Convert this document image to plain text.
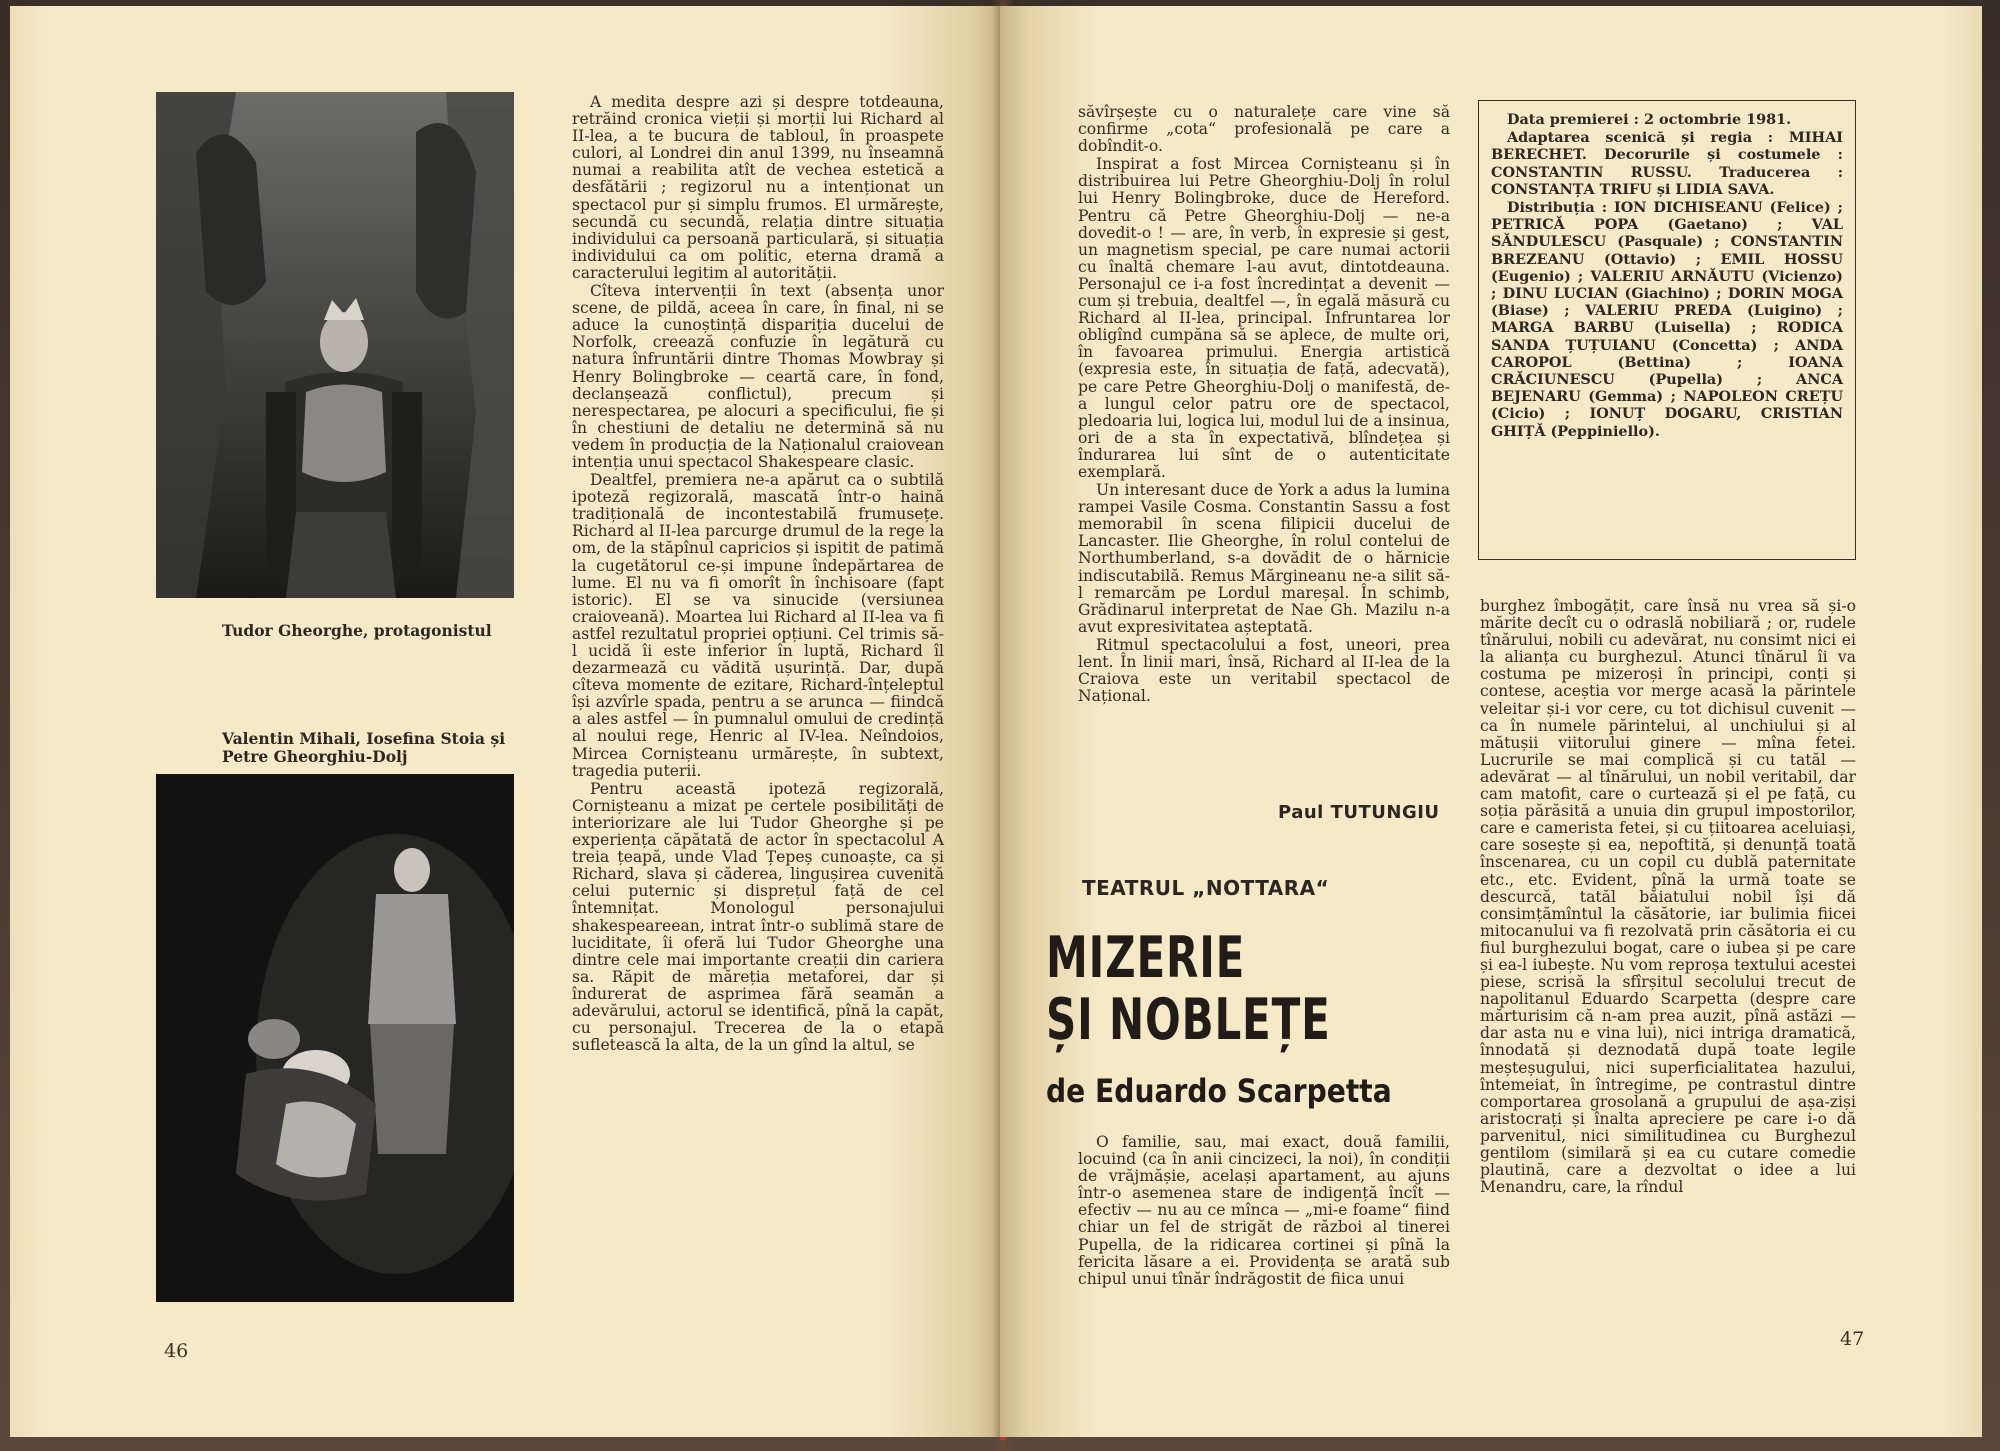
Tudor Gheorghe, protagonistul
Valentin Mihali, Iosefina Stoia și Petre Gheorghiu-Dolj

A medita despre azi și despre totdeauna, retrăind cronica vieții și morții lui Richard al II-lea, a te bucura de tabloul, în proaspete culori, al Londrei din anul 1399, nu înseamnă numai a reabilita atît de vechea estetică a desfătării ; regizorul nu a intenționat un spectacol pur și simplu frumos. El urmărește, secundă cu secundă, relația dintre situația individului ca persoană particulară, și situația individului ca om politic, eterna dramă a caracterului legitim al autorității.

Cîteva intervenții în text (absența unor scene, de pildă, aceea în care, în final, ni se aduce la cunoștință dispariția ducelui de Norfolk, creează confuzie în legătură cu natura înfruntării dintre Thomas Mowbray și Henry Bolingbroke — ceartă care, în fond, declanșează conflictul), precum și nerespectarea, pe alocuri a specificului, fie și în chestiuni de detaliu ne determină să nu vedem în producția de la Naționalul craiovean intenția unui spectacol Shakespeare clasic.

Dealtfel, premiera ne-a apărut ca o subtilă ipoteză regizorală, mascată într-o haină tradițională de incontestabilă frumusețe. Richard al II-lea parcurge drumul de la rege la om, de la stăpînul capricios și ispitit de patimă la cugetătorul ce-și impune îndepărtarea de lume. El nu va fi omorît în închisoare (fapt istoric). El se va sinucide (versiunea craioveană). Moartea lui Richard al II-lea va fi astfel rezultatul propriei opțiuni. Cel trimis să-l ucidă îi este inferior în luptă, Richard îl dezarmează cu vădită ușurință. Dar, după cîteva momente de ezitare, Richard-înțeleptul își azvîrle spada, pentru a se arunca — fiindcă a ales astfel — în pumnalul omului de credință al noului rege, Henric al IV-lea. Neîndoios, Mircea Cornișteanu urmărește, în subtext, tragedia puterii.

Pentru această ipoteză regizorală, Cornișteanu a mizat pe certele posibilități de interiorizare ale lui Tudor Gheorghe și pe experiența căpătată de actor în spectacolul A treia țeapă, unde Vlad Țepeș cunoaște, ca și Richard, slava și căderea, lingușirea cuvenită celui puternic și disprețul față de cel întemnițat. Monologul personajului shakespeareean, intrat într-o sublimă stare de luciditate, îi oferă lui Tudor Gheorghe una dintre cele mai importante creații din cariera sa. Răpit de măreția metaforei, dar și îndurerat de asprimea fără seamăn a adevărului, actorul se identifică, pînă la capăt, cu personajul. Trecerea de la o etapă sufletească la alta, de la un gînd la altul, se

46

săvîrșește cu o naturalețe care vine să confirme „cota“ profesională pe care a dobîndit-o.

Inspirat a fost Mircea Cornișteanu și în distribuirea lui Petre Gheorghiu-Dolj în rolul lui Henry Bolingbroke, duce de Hereford. Pentru că Petre Gheorghiu-Dolj — ne-a dovedit-o ! — are, în verb, în expresie și gest, un magnetism special, pe care numai actorii cu înaltă chemare l-au avut, dintotdeauna. Personajul ce i-a fost încredințat a devenit — cum și trebuia, dealtfel —, în egală măsură cu Richard al II-lea, principal. Înfruntarea lor obligînd cumpăna să se aplece, de multe ori, în favoarea primului. Energia artistică (expresia este, în situația de față, adecvată), pe care Petre Gheorghiu-Dolj o manifestă, de-a lungul celor patru ore de spectacol, pledoaria lui, logica lui, modul lui de a insinua, ori de a sta în expectativă, blîndețea și îndurarea lui sînt de o autenticitate exemplară.

Un interesant duce de York a adus la lumina rampei Vasile Cosma. Constantin Sassu a fost memorabil în scena filipicii ducelui de Lancaster. Ilie Gheorghe, în rolul contelui de Northumberland, s-a dovădit de o hărnicie indiscutabilă. Remus Mărgineanu ne-a silit să-l remarcăm pe Lordul mareșal. În schimb, Grădinarul interpretat de Nae Gh. Mazilu n-a avut expresivitatea așteptată.

Ritmul spectacolului a fost, uneori, prea lent. În linii mari, însă, Richard al II-lea de la Craiova este un veritabil spectacol de Național.

Paul TUTUNGIU
TEATRUL „NOTTARA“
MIZERIE
ȘI NOBLEȚE
de Eduardo Scarpetta

O familie, sau, mai exact, două familii, locuind (ca în anii cincizeci, la noi), în condiții de vrăjmășie, același apartament, au ajuns într-o asemenea stare de indigență încît — efectiv — nu au ce mînca — „mi-e foame“ fiind chiar un fel de strigăt de război al tinerei Pupella, de la ridicarea cortinei și pînă la fericita lăsare a ei. Providența se arată sub chipul unui tînăr îndrăgostit de fiica unui

Data premierei : 2 octombrie 1981.

Adaptarea scenică și regia : MIHAI BERECHET. Decorurile și costumele : CONSTANTIN RUSSU. Traducerea : CONSTANȚA TRIFU și LIDIA SAVA.

Distribuția : ION DICHISEANU (Felice) ; PETRICĂ POPA (Gaetano) ; VAL SĂNDULESCU (Pasquale) ; CONSTANTIN BREZEANU (Ottavio) ; EMIL HOSSU (Eugenio) ; VALERIU ARNĂUTU (Vicienzo) ; DINU LUCIAN (Giachino) ; DORIN MOGA (Biase) ; VALERIU PREDA (Luigino) ; MARGA BARBU (Luisella) ; RODICA SANDA ȚUȚUIANU (Concetta) ; ANDA CAROPOL (Bettina) ; IOANA CRĂCIUNESCU (Pupella) ; ANCA BEJENARU (Gemma) ; NAPOLEON CREȚU (Cicio) ; IONUȚ DOGARU, CRISTIAN GHIȚĂ (Peppiniello).

burghez îmbogățit, care însă nu vrea să și-o mărite decît cu o odraslă nobiliară ; or, rudele tînărului, nobili cu adevărat, nu consimt nici ei la alianța cu burghezul. Atunci tînărul îi va costuma pe mizeroși în principi, conți și contese, aceștia vor merge acasă la părintele veleitar și-i vor cere, cu tot dichisul cuvenit — ca în numele părintelui, al unchiului și al mătușii viitorului ginere — mîna fetei. Lucrurile se mai complică și cu tatăl — adevărat — al tînărului, un nobil veritabil, dar cam matofit, care o curtează și el pe față, cu soția părăsită a unuia din grupul impostorilor, care e camerista fetei, și cu țiitoarea aceluiași, care sosește și ea, nepoftită, și denunță toată înscenarea, cu un copil cu dublă paternitate etc., etc. Evident, pînă la urmă toate se descurcă, tatăl băiatului nobil își dă consimțămîntul la căsătorie, iar bulimia fiicei mitocanului va fi rezolvată prin căsătoria ei cu fiul burghezului bogat, care o iubea și pe care și ea-l iubește. Nu vom reproșa textului acestei piese, scrisă la sfîrșitul secolului trecut de napolitanul Eduardo Scarpetta (despre care mărturisim că n-am prea auzit, pînă astăzi — dar asta nu e vina lui), nici intriga dramatică, înnodată și deznodată după toate legile meșteșugului, nici superficialitatea hazului, întemeiat, în întregime, pe contrastul dintre comportarea grosolană a grupului de așa-ziși aristocrați și înalta apreciere pe care i-o dă parvenitul, nici similitudinea cu Burghezul gentilom (similară și ea cu cutare comedie plautină, care a dezvoltat o idee a lui Menandru, care, la rîndul

47
